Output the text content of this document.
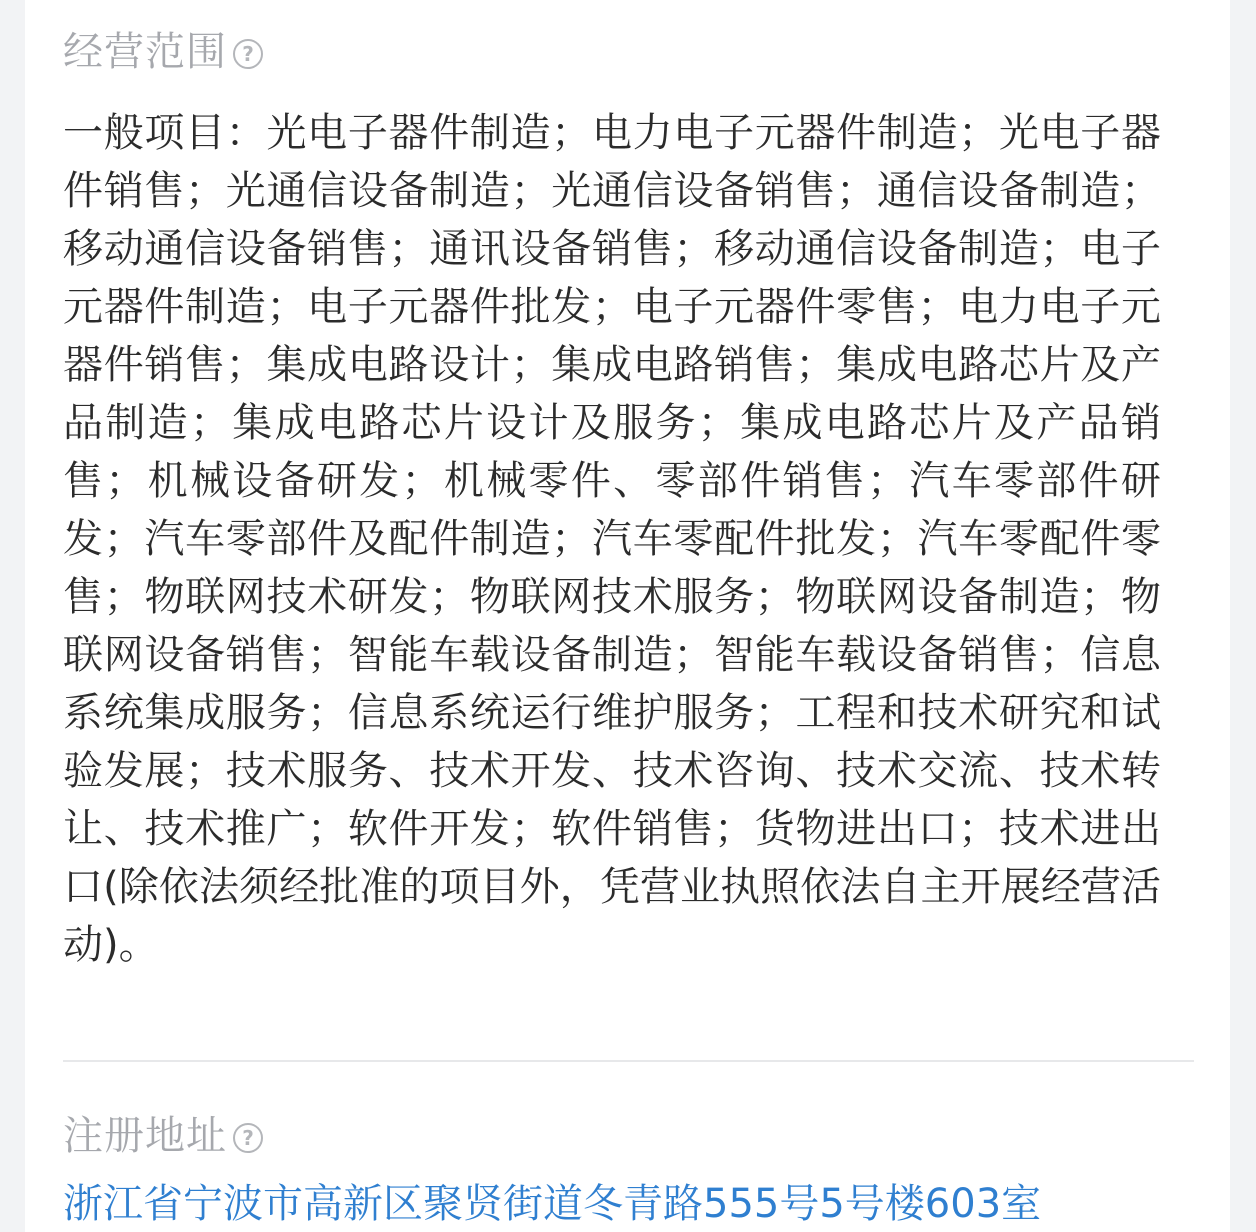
经营范围 ?
一般项目：光电子器件制造；电力电子元器件制造；光电子器件销售；光通信设备制造；光通信设备销售；通信设备制造；移动通信设备销售；通讯设备销售；移动通信设备制造；电子元器件制造；电子元器件批发；电子元器件零售；电力电子元器件销售；集成电路设计；集成电路销售；集成电路芯片及产品制造；集成电路芯片设计及服务；集成电路芯片及产品销售；机械设备研发；机械零件、零部件销售；汽车零部件研发；汽车零部件及配件制造；汽车零配件批发；汽车零配件零售；物联网技术研发；物联网技术服务；物联网设备制造；物联网设备销售；智能车载设备制造；智能车载设备销售；信息系统集成服务；信息系统运行维护服务；工程和技术研究和试验发展；技术服务、技术开发、技术咨询、技术交流、技术转让、技术推广；软件开发；软件销售；货物进出口；技术进出口(除依法须经批准的项目外，凭营业执照依法自主开展经营活动)。
注册地址 ?
浙江省宁波市高新区聚贤街道冬青路555号5号楼603室
